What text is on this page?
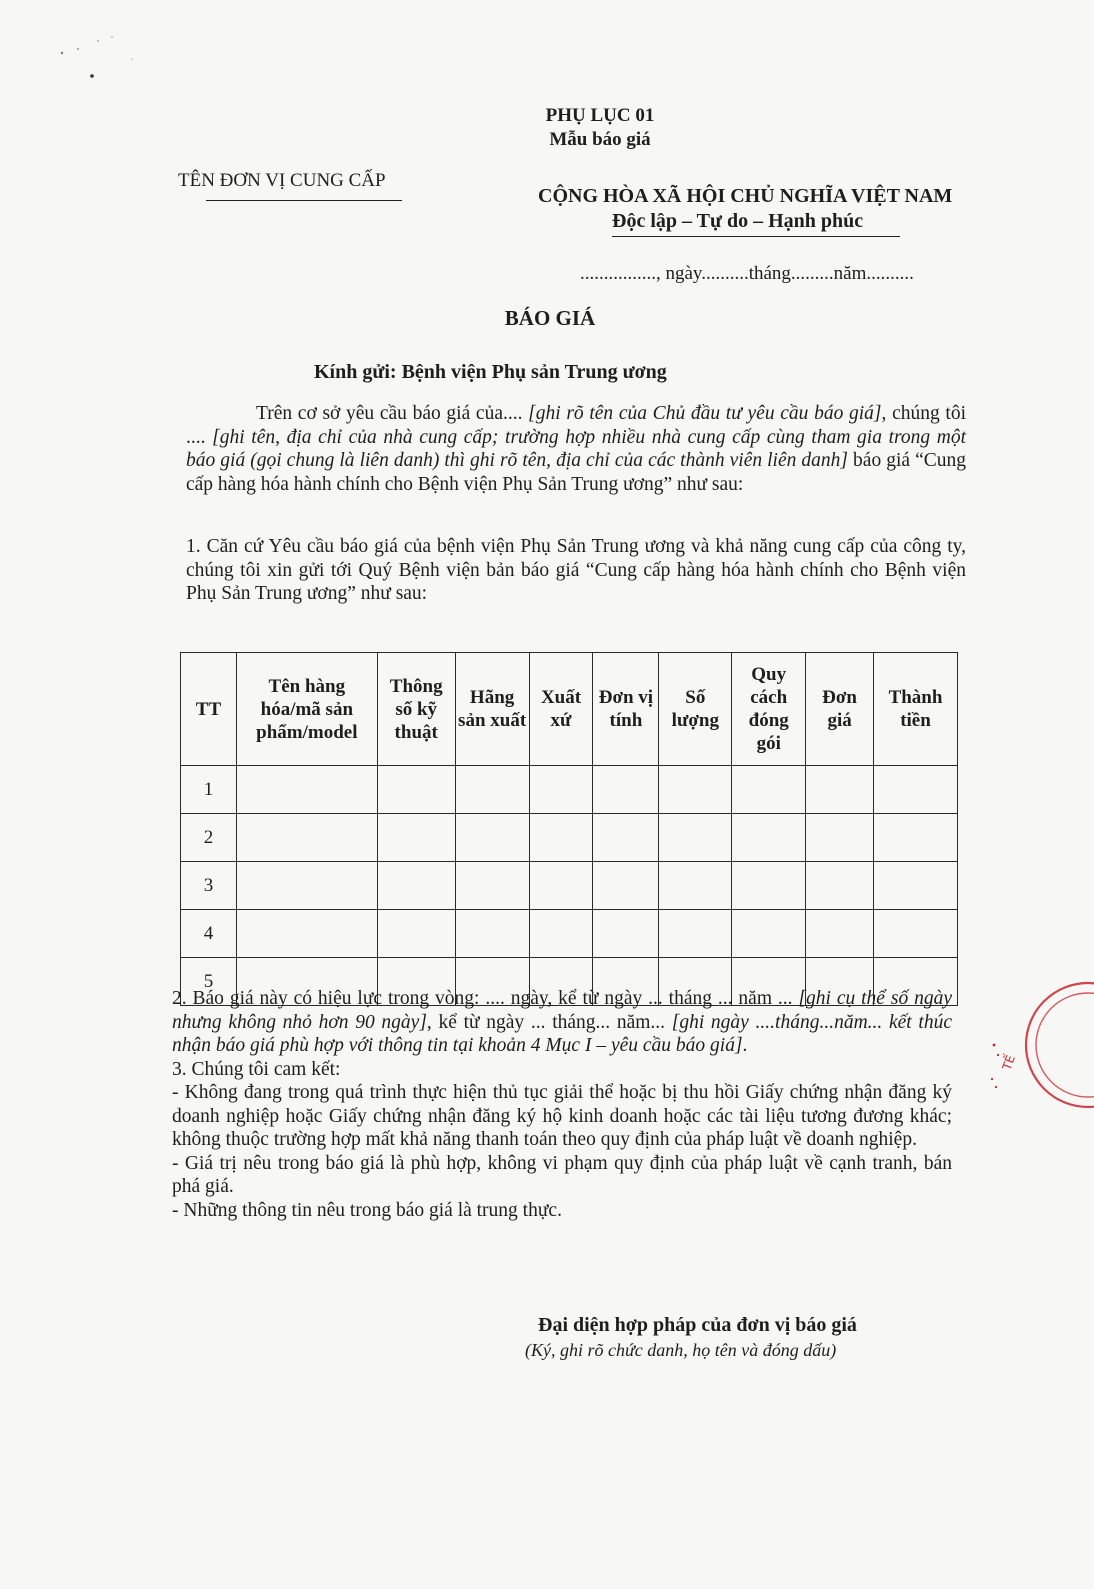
PHỤ LỤC 01
Mẫu báo giá
TÊN ĐƠN VỊ CUNG CẤP
CỘNG HÒA XÃ HỘI CHỦ NGHĨA VIỆT NAM
Độc lập – Tự do – Hạnh phúc
................, ngày..........tháng.........năm..........
BÁO GIÁ
Kính gửi: Bệnh viện Phụ sản Trung ương
Trên cơ sở yêu cầu báo giá của.... [ghi rõ tên của Chủ đầu tư yêu cầu báo giá], chúng tôi .... [ghi tên, địa chỉ của nhà cung cấp; trường hợp nhiều nhà cung cấp cùng tham gia trong một báo giá (gọi chung là liên danh) thì ghi rõ tên, địa chỉ của các thành viên liên danh] báo giá “Cung cấp hàng hóa hành chính cho Bệnh viện Phụ Sản Trung ương” như sau:
1. Căn cứ Yêu cầu báo giá của bệnh viện Phụ Sản Trung ương và khả năng cung cấp của công ty, chúng tôi xin gửi tới Quý Bệnh viện bản báo giá “Cung cấp hàng hóa hành chính cho Bệnh viện Phụ Sản Trung ương” như sau:
TT	Tên hàng hóa/mã sản phẩm/model	Thông số kỹ thuật	Hãng sản xuất	Xuất xứ	Đơn vị tính	Số lượng	Quy cách đóng gói	Đơn giá	Thành tiền
1									
2									
3									
4									
5									

2. Báo giá này có hiệu lực trong vòng: .... ngày, kể từ ngày ... tháng ... năm ... [ghi cụ thể số ngày nhưng không nhỏ hơn 90 ngày], kể từ ngày ... tháng... năm... [ghi ngày ....tháng...năm... kết thúc nhận báo giá phù hợp với thông tin tại khoản 4 Mục I – yêu cầu báo giá].

3. Chúng tôi cam kết:

- Không đang trong quá trình thực hiện thủ tục giải thể hoặc bị thu hồi Giấy chứng nhận đăng ký doanh nghiệp hoặc Giấy chứng nhận đăng ký hộ kinh doanh hoặc các tài liệu tương đương khác; không thuộc trường hợp mất khả năng thanh toán theo quy định của pháp luật về doanh nghiệp.

- Giá trị nêu trong báo giá là phù hợp, không vi phạm quy định của pháp luật về cạnh tranh, bán phá giá.

- Những thông tin nêu trong báo giá là trung thực.

Đại diện hợp pháp của đơn vị báo giá
(Ký, ghi rõ chức danh, họ tên và đóng dấu)
TẾ
